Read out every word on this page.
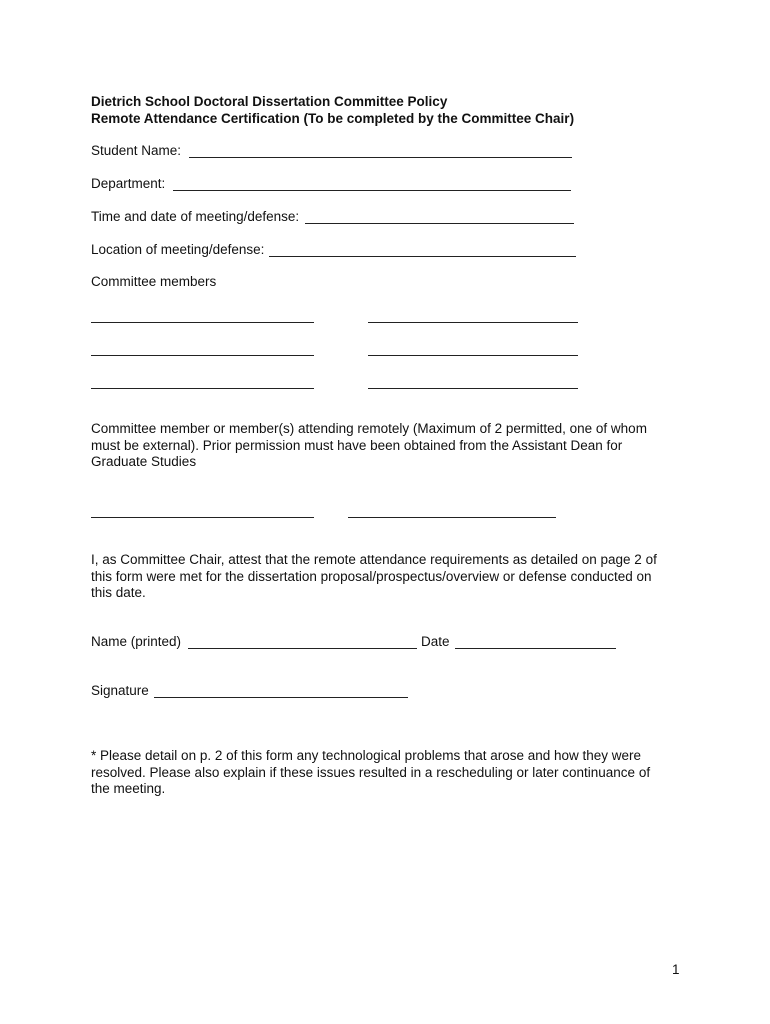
Dietrich School Doctoral Dissertation Committee Policy
Remote Attendance Certification (To be completed by the Committee Chair)
Student Name:
Department:
Time and date of meeting/defense:
Location of meeting/defense:
Committee members
Committee member or member(s) attending remotely (Maximum of 2 permitted, one of whom
must be external). Prior permission must have been obtained from the Assistant Dean for
Graduate Studies
I, as Committee Chair, attest that the remote attendance requirements as detailed on page 2 of
this form were met for the dissertation proposal/prospectus/overview or defense conducted on
this date.
Name (printed)	Date
Signature
* Please detail on p. 2 of this form any technological problems that arose and how they were
resolved. Please also explain if these issues resulted in a rescheduling or later continuance of
the meeting.
1
